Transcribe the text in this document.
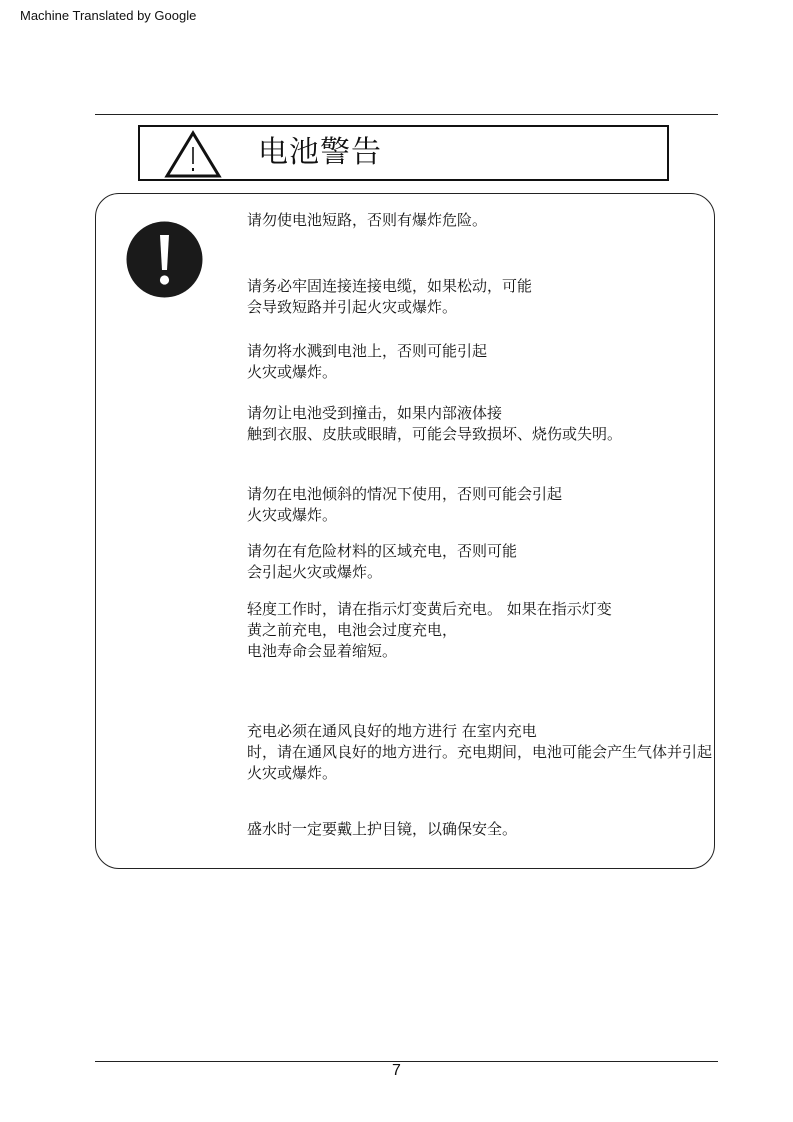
Machine Translated by Google
电池警告

请勿使电池短路，否则有爆炸危险。

请务必牢固连接连接电缆，如果松动，可能
会导致短路并引起火灾或爆炸。

请勿将水溅到电池上，否则可能引起
火灾或爆炸。

请勿让电池受到撞击，如果内部液体接
触到衣服、皮肤或眼睛，可能会导致损坏、烧伤或失明。

请勿在电池倾斜的情况下使用，否则可能会引起
火灾或爆炸。

请勿在有危险材料的区域充电，否则可能
会引起火灾或爆炸。

轻度工作时，请在指示灯变黄后充电。 如果在指示灯变
黄之前充电，电池会过度充电，
电池寿命会显着缩短。

充电必须在通风良好的地方进行 在室内充电
时，请在通风良好的地方进行。充电期间，电池可能会产生气体并引起
火灾或爆炸。

盛水时一定要戴上护目镜，以确保安全。

7
